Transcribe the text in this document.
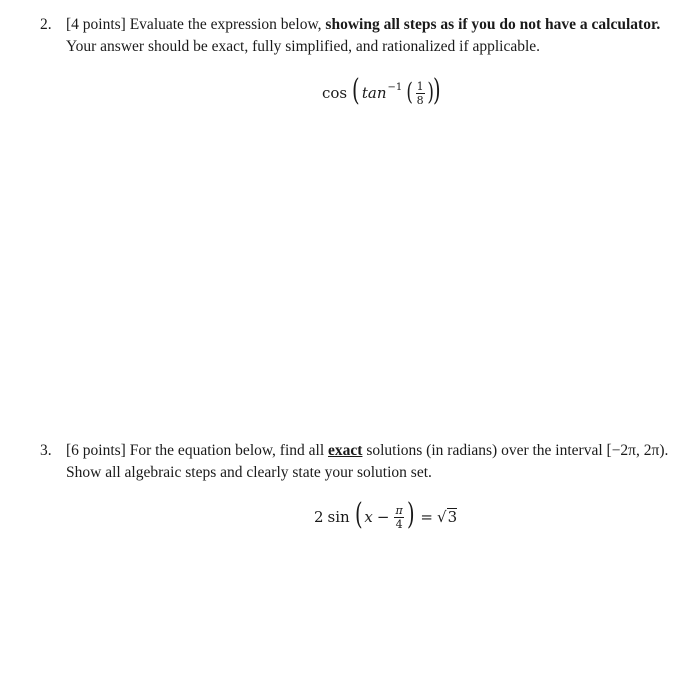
2. [4 points] Evaluate the expression below, showing all steps as if you do not have a calculator. Your answer should be exact, fully simplified, and rationalized if applicable.
cos ( $\tan^{-1}$ ( $\frac{1}{8}$ ) )
3. [6 points] For the equation below, find all exact solutions (in radians) over the interval [−2π, 2π). Show all algebraic steps and clearly state your solution set.
2 sin ( $x - \frac{\pi}{4}$ ) = √ 3
